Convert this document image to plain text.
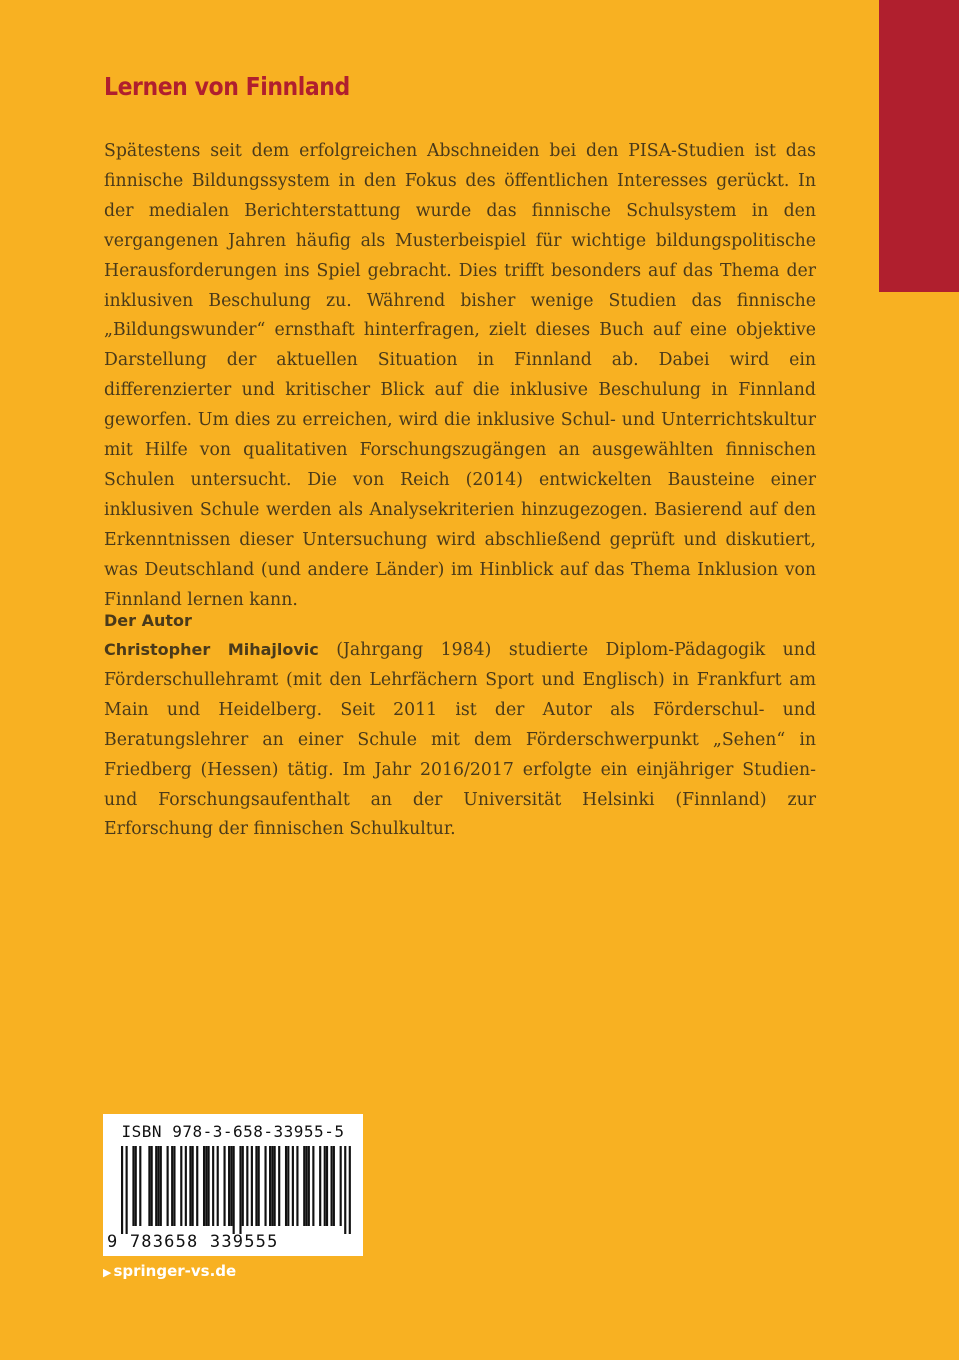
Lernen von Finnland

Spätestens seit dem erfolgreichen Abschneiden bei den PISA-Studien ist das finnische Bildungssystem in den Fokus des öffentlichen Interesses gerückt. In der medialen Berichterstattung wurde das finnische Schulsystem in den vergangenen Jahren häufig als Musterbeispiel für wichtige bildungspolitische Herausforderungen ins Spiel gebracht. Dies trifft besonders auf das Thema der inklusiven Beschulung zu. Während bisher wenige Studien das finnische „Bildungswunder“ ernsthaft hinterfragen, zielt dieses Buch auf eine objektive Darstellung der aktuellen Situation in Finnland ab. Dabei wird ein differenzierter und kritischer Blick auf die inklusive Beschulung in Finnland geworfen. Um dies zu erreichen, wird die inklusive Schul- und Unterrichtskultur mit Hilfe von qualitativen Forschungszugängen an ausgewählten finnischen Schulen untersucht. Die von Reich (2014) entwickelten Bausteine einer inklusiven Schule werden als Analysekriterien hinzugezogen. Basierend auf den Erkenntnissen dieser Untersuchung wird abschließend geprüft und diskutiert, was Deutschland (und andere Länder) im Hinblick auf das Thema Inklusion von Finnland lernen kann.

Der Autor

Christopher Mihajlovic (Jahrgang 1984) studierte Diplom-Pädagogik und Förderschullehramt (mit den Lehrfächern Sport und Englisch) in Frankfurt am Main und Heidelberg. Seit 2011 ist der Autor als Förderschul- und Beratungslehrer an einer Schule mit dem Förderschwerpunkt „Sehen“ in Friedberg (Hessen) tätig. Im Jahr 2016/2017 erfolgte ein einjähriger Studien- und Forschungsaufenthalt an der Universität Helsinki (Finnland) zur Erforschung der finnischen Schulkultur.

ISBN 978-3-658-33955-5
9 783658 339555
▶ springer-vs.de
